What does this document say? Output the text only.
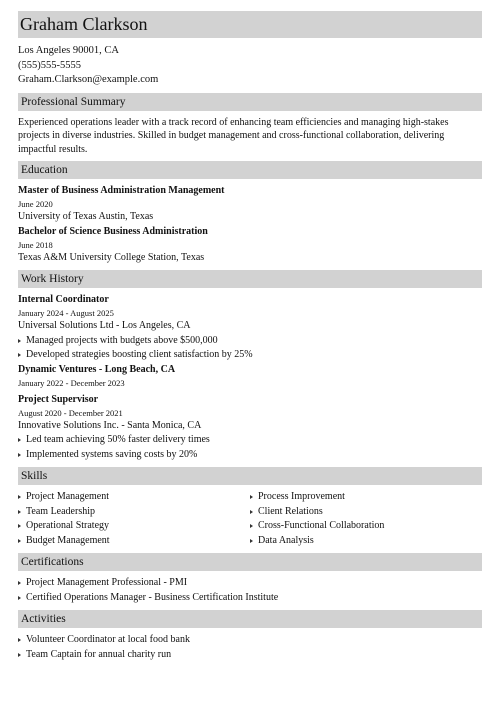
Graham Clarkson
Los Angeles 90001, CA
(555)555-5555
Graham.Clarkson@example.com
Professional Summary
Experienced operations leader with a track record of enhancing team efficiencies and managing high-stakes projects in diverse industries. Skilled in budget management and cross-functional collaboration, delivering impactful results.
Education
Master of Business Administration Management
June 2020
University of Texas Austin, Texas
Bachelor of Science Business Administration
June 2018
Texas A&M University College Station, Texas
Work History
Internal Coordinator
January 2024 - August 2025
Universal Solutions Ltd - Los Angeles, CA
Managed projects with budgets above $500,000
Developed strategies boosting client satisfaction by 25%
Dynamic Ventures - Long Beach, CA
January 2022 - December 2023
Project Supervisor
August 2020 - December 2021
Innovative Solutions Inc. - Santa Monica, CA
Led team achieving 50% faster delivery times
Implemented systems saving costs by 20%
Skills
Project Management
Team Leadership
Operational Strategy
Budget Management
Process Improvement
Client Relations
Cross-Functional Collaboration
Data Analysis
Certifications
Project Management Professional - PMI
Certified Operations Manager - Business Certification Institute
Activities
Volunteer Coordinator at local food bank
Team Captain for annual charity run
